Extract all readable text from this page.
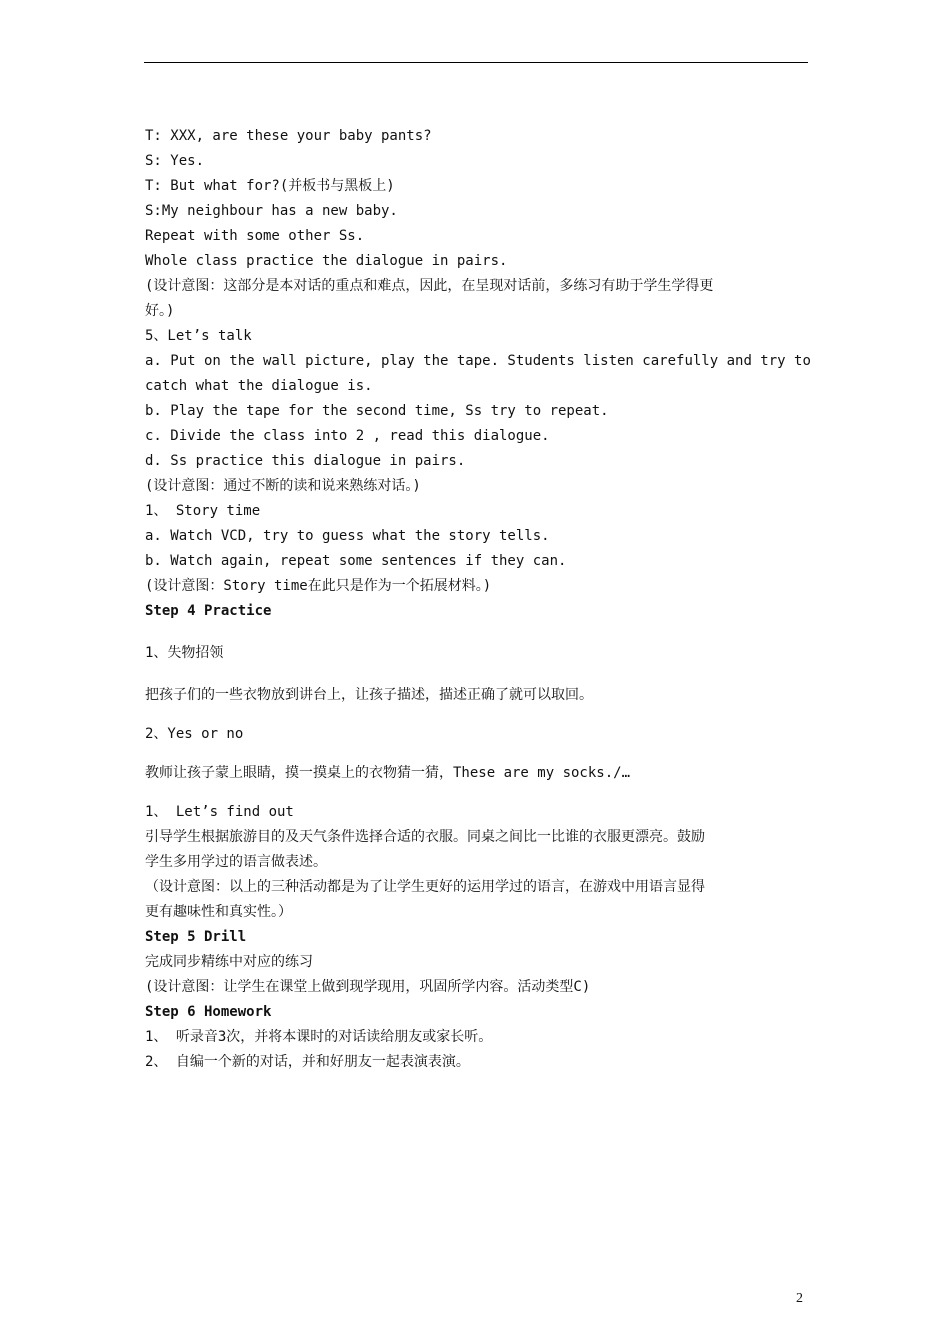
T: XXX, are these your baby pants?

S: Yes.

T: But what for?(并板书与黑板上)

S:My neighbour has a new baby.

Repeat with some other Ss.

Whole class practice the dialogue in pairs.

(设计意图：这部分是本对话的重点和难点，因此，在呈现对话前，多练习有助于学生学得更

好。)

5、Let’s talk

a. Put on the wall picture, play the tape. Students listen carefully and try to

catch what the dialogue is.

b. Play the tape for the second time, Ss try to repeat.

c. Divide the class into 2 , read this dialogue.

d. Ss practice this dialogue in pairs.

(设计意图：通过不断的读和说来熟练对话。)

1、 Story time

a. Watch VCD, try to guess what the story tells.

b. Watch again, repeat some sentences if they can.

(设计意图：Story time在此只是作为一个拓展材料。)

Step 4 Practice

1、失物招领

把孩子们的一些衣物放到讲台上，让孩子描述，描述正确了就可以取回。

2、Yes or no

教师让孩子蒙上眼睛，摸一摸桌上的衣物猜一猜，These are my socks./…

1、 Let’s find out

引导学生根据旅游目的及天气条件选择合适的衣服。同桌之间比一比谁的衣服更漂亮。鼓励

学生多用学过的语言做表述。

（设计意图：以上的三种活动都是为了让学生更好的运用学过的语言，在游戏中用语言显得

更有趣味性和真实性。）

Step 5 Drill

完成同步精练中对应的练习

(设计意图：让学生在课堂上做到现学现用，巩固所学内容。活动类型C)

Step 6 Homework

1、 听录音3次，并将本课时的对话读给朋友或家长听。

2、 自编一个新的对话，并和好朋友一起表演表演。

2
